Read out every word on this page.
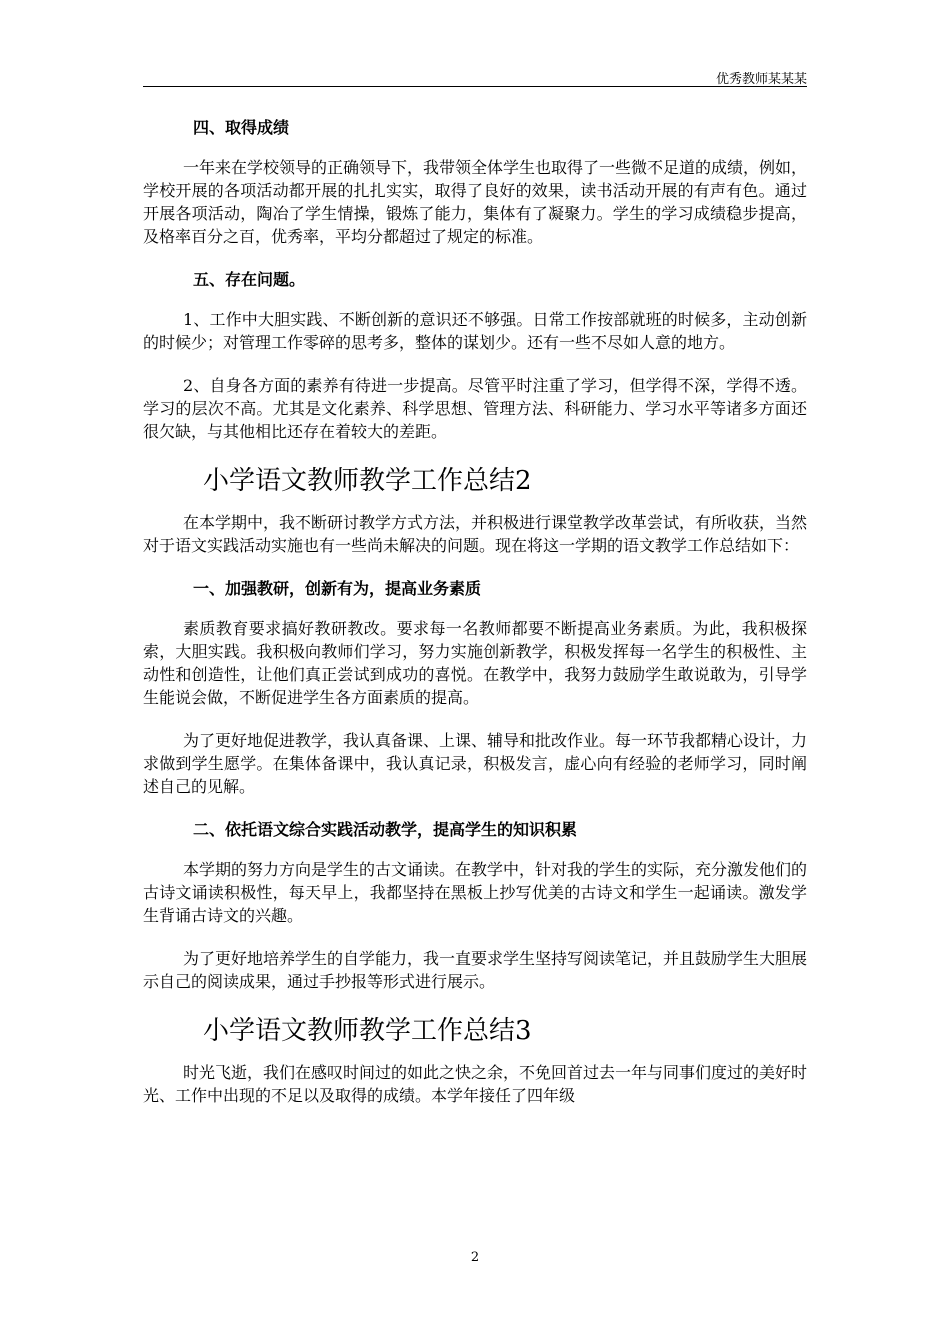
优秀教师某某某
四、取得成绩
一年来在学校领导的正确领导下，我带领全体学生也取得了一些微不足道的成绩，例如，学校开展的各项活动都开展的扎扎实实，取得了良好的效果，读书活动开展的有声有色。通过开展各项活动，陶冶了学生情操，锻炼了能力，集体有了凝聚力。学生的学习成绩稳步提高，及格率百分之百，优秀率，平均分都超过了规定的标准。
五、存在问题。
1、工作中大胆实践、不断创新的意识还不够强。日常工作按部就班的时候多，主动创新的时候少；对管理工作零碎的思考多，整体的谋划少。还有一些不尽如人意的地方。
2、自身各方面的素养有待进一步提高。尽管平时注重了学习，但学得不深，学得不透。学习的层次不高。尤其是文化素养、科学思想、管理方法、科研能力、学习水平等诸多方面还很欠缺，与其他相比还存在着较大的差距。
小学语文教师教学工作总结2
在本学期中，我不断研讨教学方式方法，并积极进行课堂教学改革尝试，有所收获，当然对于语文实践活动实施也有一些尚未解决的问题。现在将这一学期的语文教学工作总结如下：
一、加强教研，创新有为，提高业务素质
素质教育要求搞好教研教改。要求每一名教师都要不断提高业务素质。为此，我积极探索，大胆实践。我积极向教师们学习，努力实施创新教学，积极发挥每一名学生的积极性、主动性和创造性，让他们真正尝试到成功的喜悦。在教学中，我努力鼓励学生敢说敢为，引导学生能说会做，不断促进学生各方面素质的提高。
为了更好地促进教学，我认真备课、上课、辅导和批改作业。每一环节我都精心设计，力求做到学生愿学。在集体备课中，我认真记录，积极发言，虚心向有经验的老师学习，同时阐述自己的见解。
二、依托语文综合实践活动教学，提高学生的知识积累
本学期的努力方向是学生的古文诵读。在教学中，针对我的学生的实际，充分激发他们的古诗文诵读积极性，每天早上，我都坚持在黑板上抄写优美的古诗文和学生一起诵读。激发学生背诵古诗文的兴趣。
为了更好地培养学生的自学能力，我一直要求学生坚持写阅读笔记，并且鼓励学生大胆展示自己的阅读成果，通过手抄报等形式进行展示。
小学语文教师教学工作总结3
时光飞逝，我们在感叹时间过的如此之快之余，不免回首过去一年与同事们度过的美好时光、工作中出现的不足以及取得的成绩。本学年接任了四年级
2
